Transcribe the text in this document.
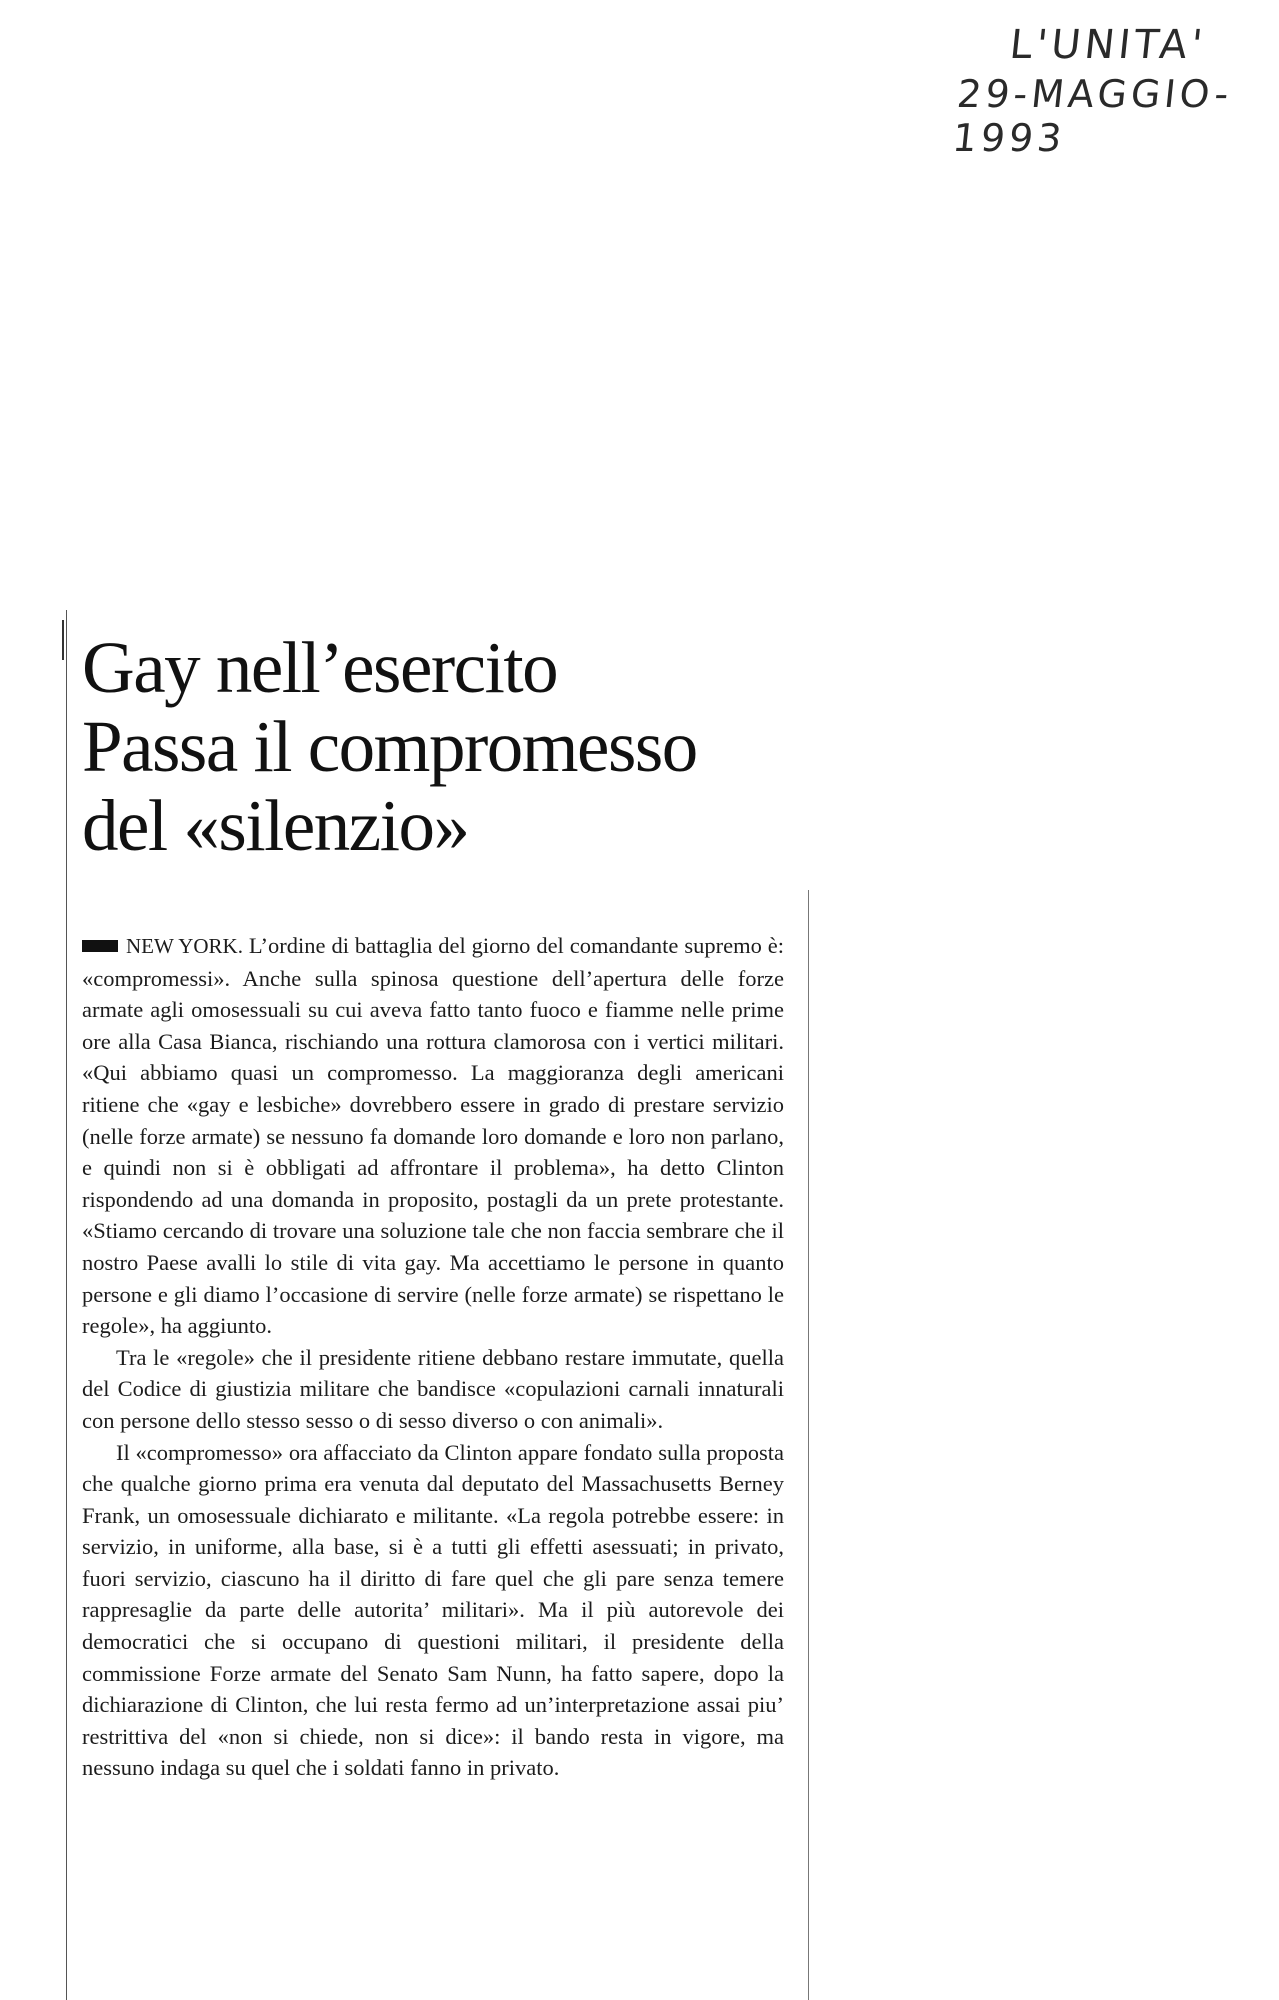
L'UNITA'
29-MAGGIO-1993
Gay nell’esercito
Passa il compromesso
del «silenzio»

NEW YORK. L’ordine di battaglia del giorno del comandante supremo è: «compromessi». Anche sulla spinosa questione dell’apertura delle forze armate agli omosessuali su cui aveva fatto tanto fuoco e fiamme nelle prime ore alla Casa Bianca, rischiando una rottura clamorosa con i vertici militari. «Qui abbiamo quasi un compromesso. La maggioranza degli americani ritiene che «gay e lesbiche» dovrebbero essere in grado di prestare servizio (nelle forze armate) se nessuno fa domande loro domande e loro non parlano, e quindi non si è obbligati ad affrontare il problema», ha detto Clinton rispondendo ad una domanda in proposito, postagli da un prete protestante. «Stiamo cercando di trovare una soluzione tale che non faccia sembrare che il nostro Paese avalli lo stile di vita gay. Ma accettiamo le persone in quanto persone e gli diamo l’occasione di servire (nelle forze armate) se rispettano le regole», ha aggiunto.

Tra le «regole» che il presidente ritiene debbano restare immutate, quella del Codice di giustizia militare che bandisce «copulazioni carnali innaturali con persone dello stesso sesso o di sesso diverso o con animali».

Il «compromesso» ora affacciato da Clinton appare fondato sulla proposta che qualche giorno prima era venuta dal deputato del Massachusetts Berney Frank, un omosessuale dichiarato e militante. «La regola potrebbe essere: in servizio, in uniforme, alla base, si è a tutti gli effetti asessuati; in privato, fuori servizio, ciascuno ha il diritto di fare quel che gli pare senza temere rappresaglie da parte delle autorita’ militari». Ma il più autorevole dei democratici che si occupano di questioni militari, il presidente della commissione Forze armate del Senato Sam Nunn, ha fatto sapere, dopo la dichiarazione di Clinton, che lui resta fermo ad un’interpretazione assai piu’ restrittiva del «non si chiede, non si dice»: il bando resta in vigore, ma nessuno indaga su quel che i soldati fanno in privato.
